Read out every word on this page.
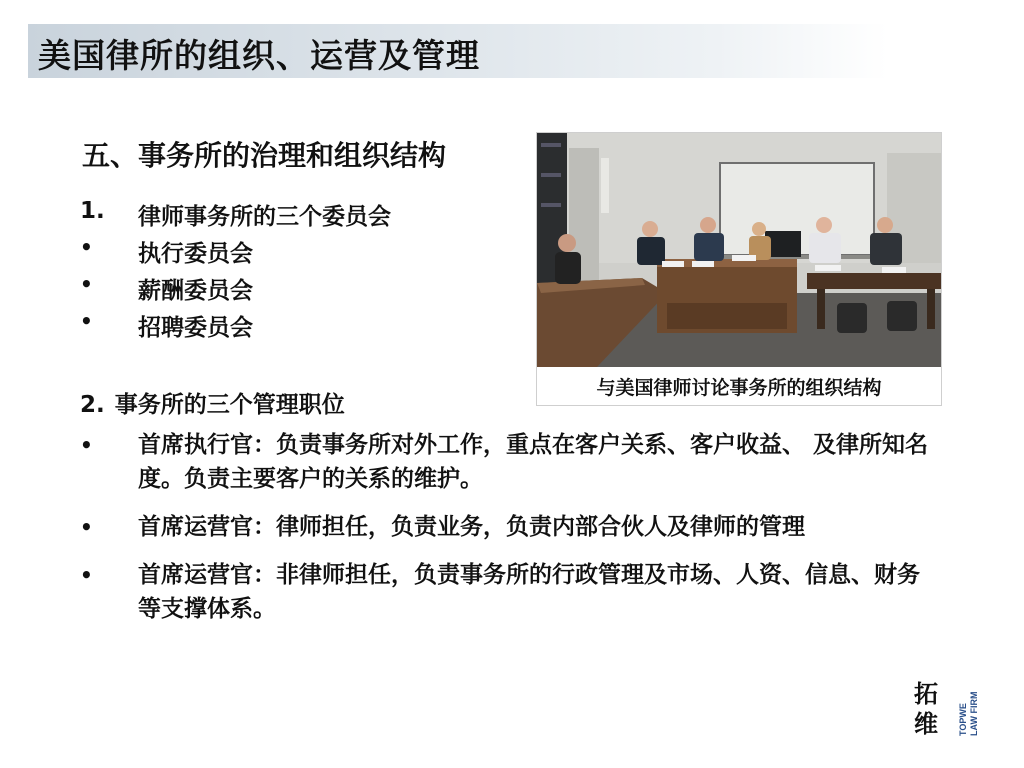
美国律所的组织、运营及管理
五、事务所的治理和组织结构
1. 律师事务所的三个委员会
• 执行委员会
• 薪酬委员会
• 招聘委员会
2. 事务所的三个管理职位
• 首席执行官：负责事务所对外工作，重点在客户关系、客户收益、 及律所知名度。负责主要客户的关系的维护。
• 首席运营官：律师担任，负责业务，负责内部合伙人及律师的管理
• 首席运营官：非律师担任，负责事务所的行政管理及市场、人资、信息、财务等支撑体系。
与美国律师讨论事务所的组织结构
拓
维 TOPWE LAW FIRM
